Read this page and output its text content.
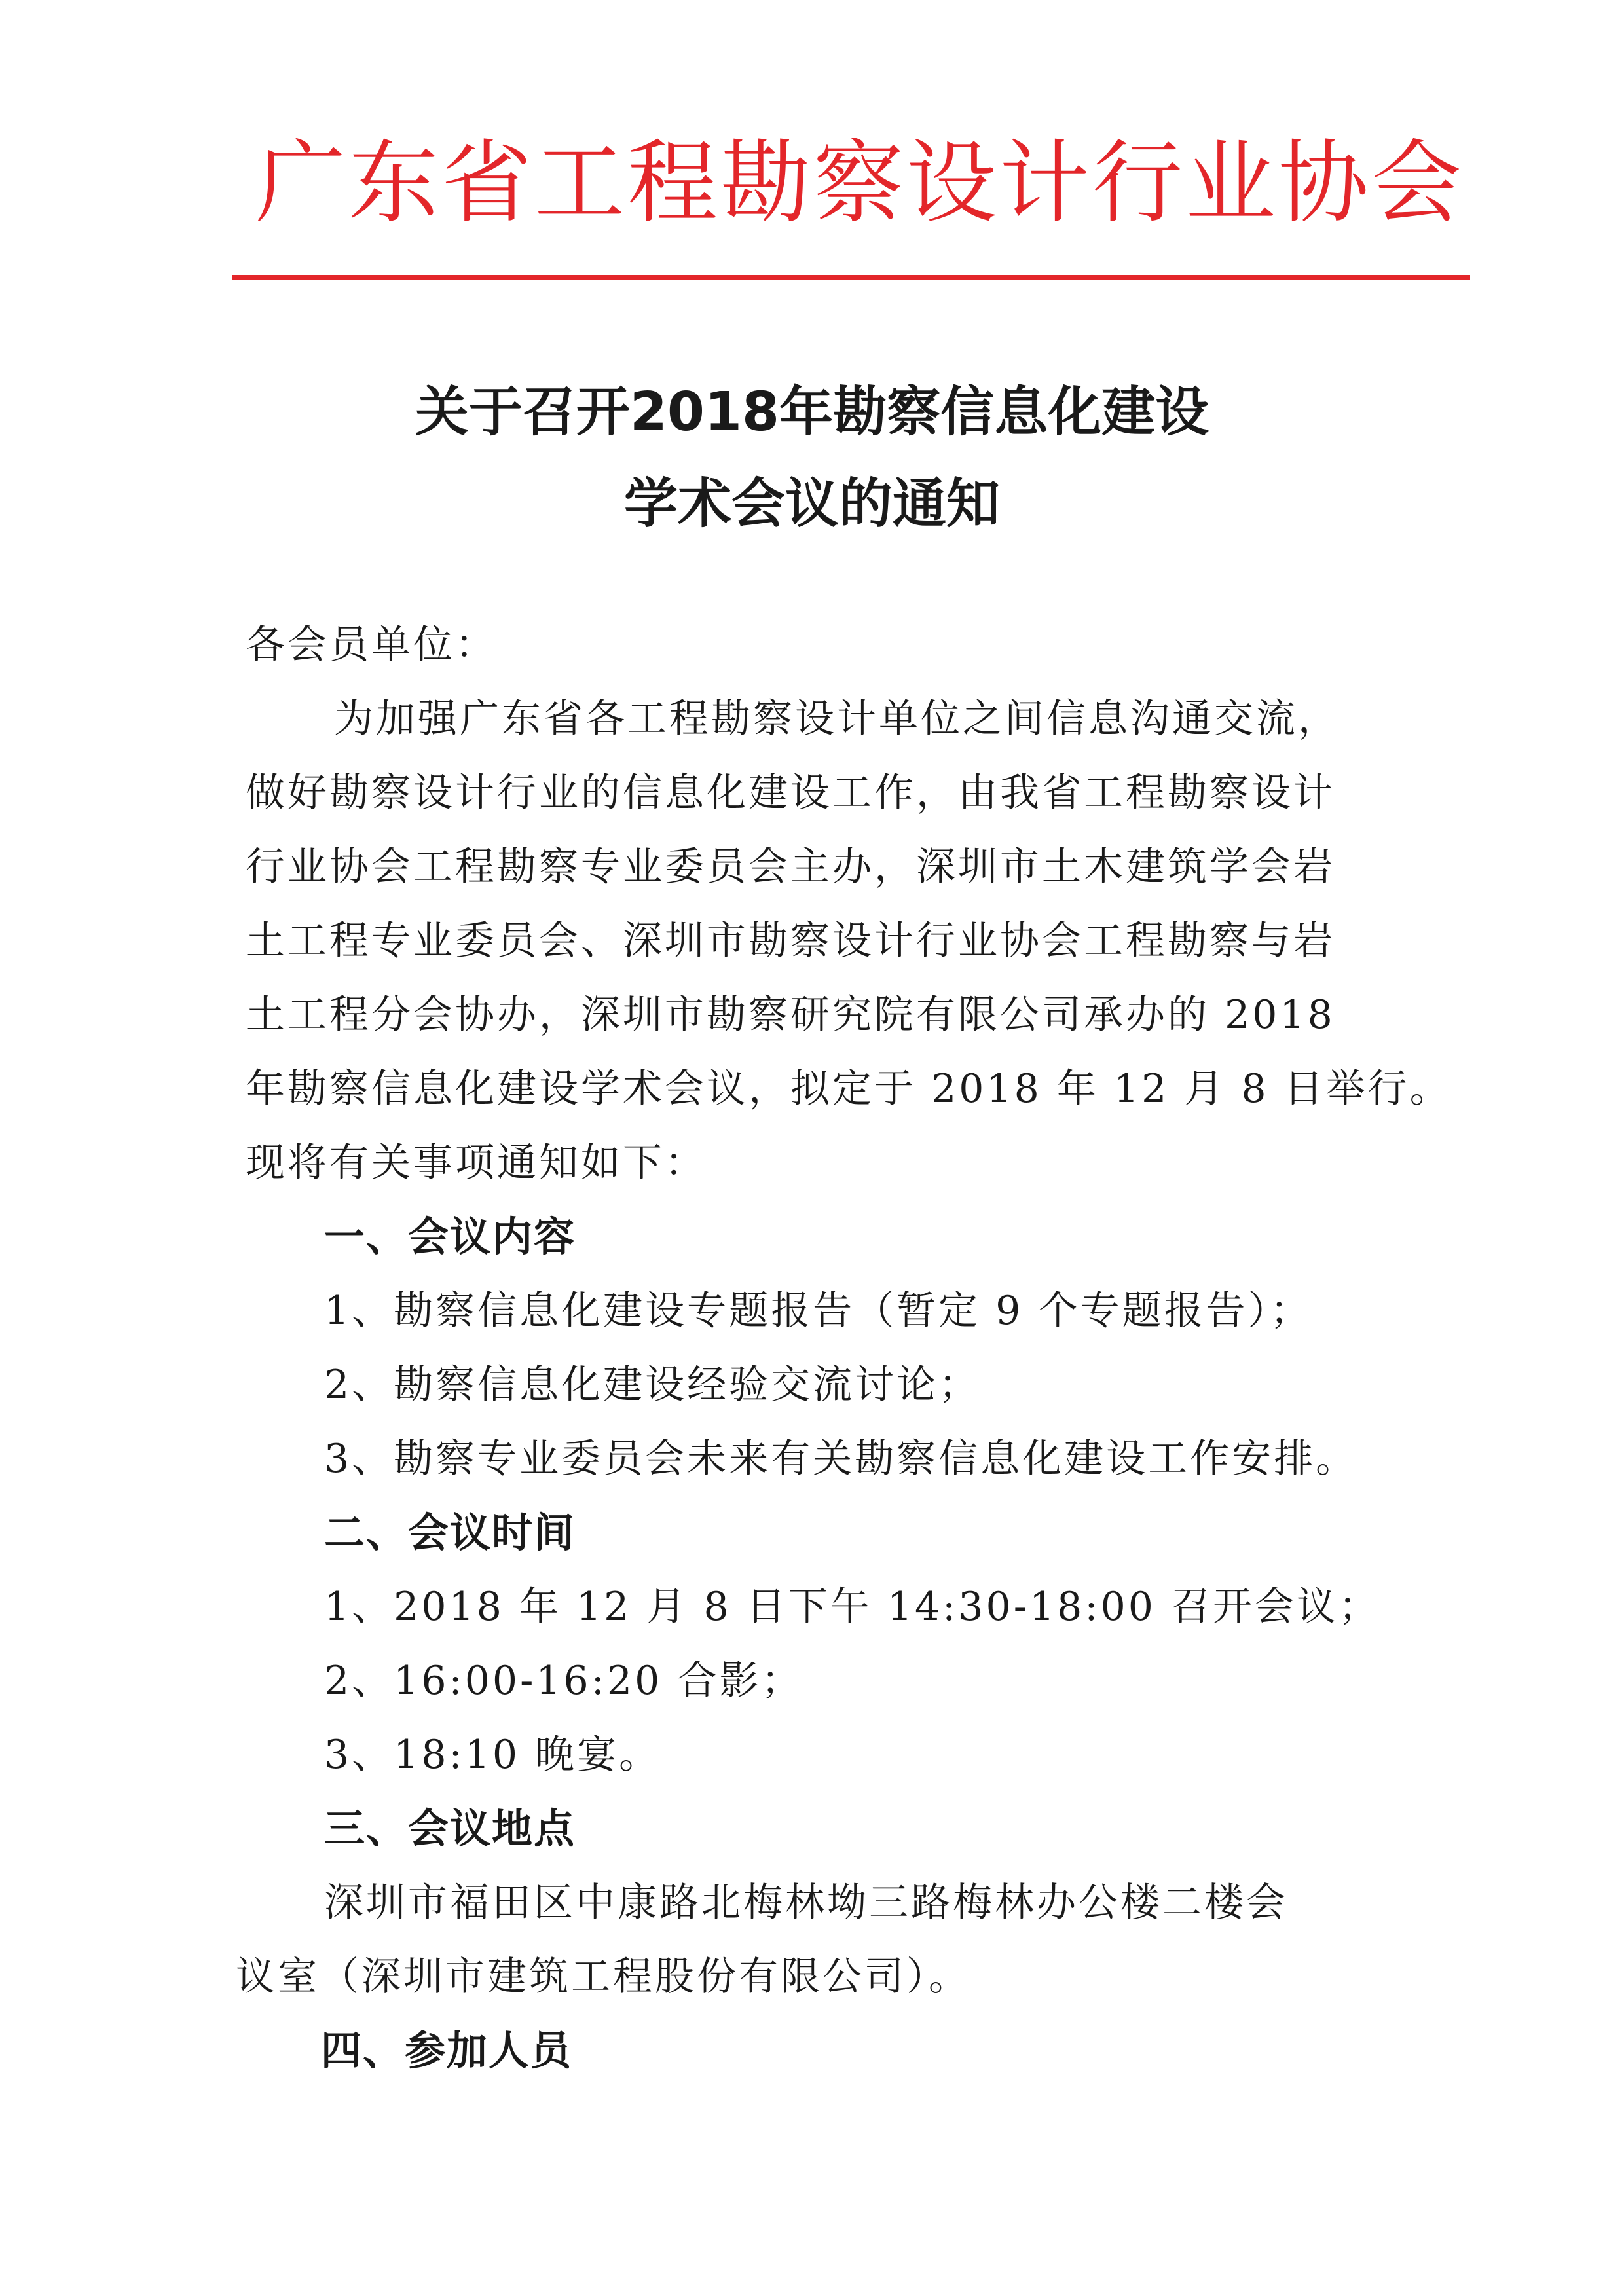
广东省工程勘察设计行业协会
关于召开2018年勘察信息化建设
学术会议的通知
各会员单位：
为加强广东省各工程勘察设计单位之间信息沟通交流，
做好勘察设计行业的信息化建设工作，由我省工程勘察设计
行业协会工程勘察专业委员会主办，深圳市土木建筑学会岩
土工程专业委员会、深圳市勘察设计行业协会工程勘察与岩
土工程分会协办，深圳市勘察研究院有限公司承办的 2018
年勘察信息化建设学术会议，拟定于 2018 年 12 月 8 日举行。
现将有关事项通知如下：
一、会议内容
1、勘察信息化建设专题报告（暂定 9 个专题报告）；
2、勘察信息化建设经验交流讨论；
3、勘察专业委员会未来有关勘察信息化建设工作安排。
二、会议时间
1、2018 年 12 月 8 日下午 14:30-18:00 召开会议；
2、16:00-16:20 合影；
3、18:10 晚宴。
三、会议地点
深圳市福田区中康路北梅林坳三路梅林办公楼二楼会
议室（深圳市建筑工程股份有限公司）。
四、参加人员
